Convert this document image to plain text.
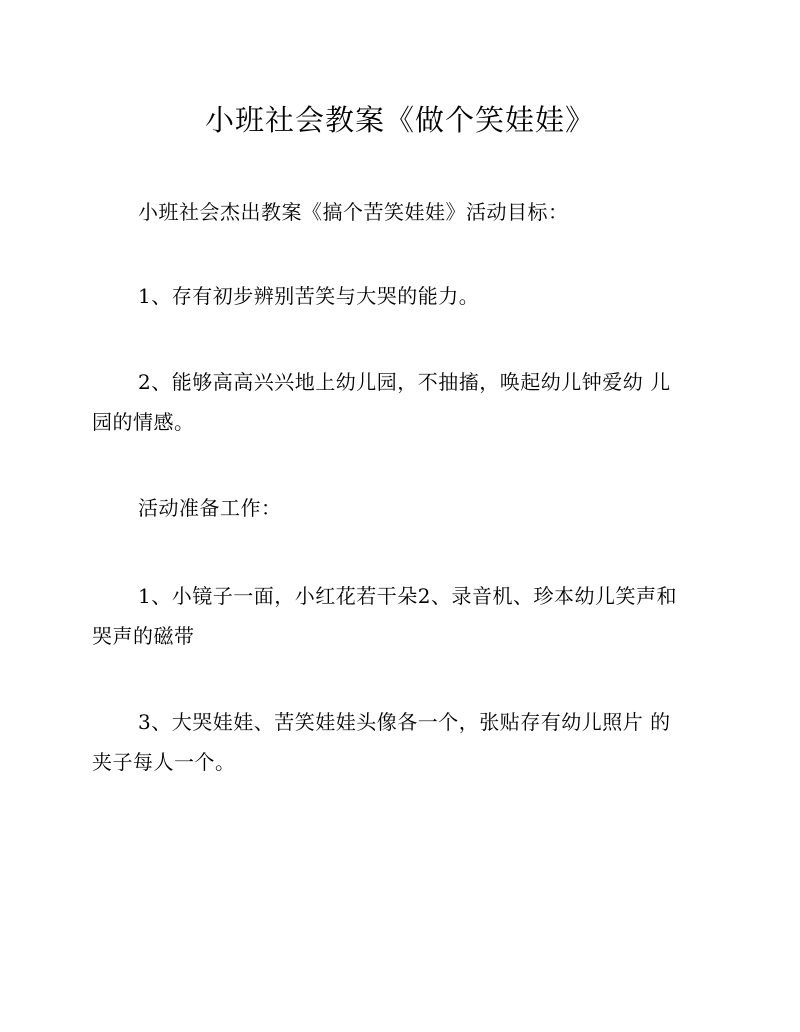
小班社会教案《做个笑娃娃》

小班社会杰出教案《搞个苦笑娃娃》活动目标：

1、存有初步辨别苦笑与大哭的能力。

2、能够高高兴兴地上幼儿园，不抽搐，唤起幼儿钟爱幼 儿
园的情感。

活动准备工作：

1、小镜子一面，小红花若干朵2、录音机、珍本幼儿笑声和
哭声的磁带

3、大哭娃娃、苦笑娃娃头像各一个，张贴存有幼儿照片 的
夹子每人一个。
